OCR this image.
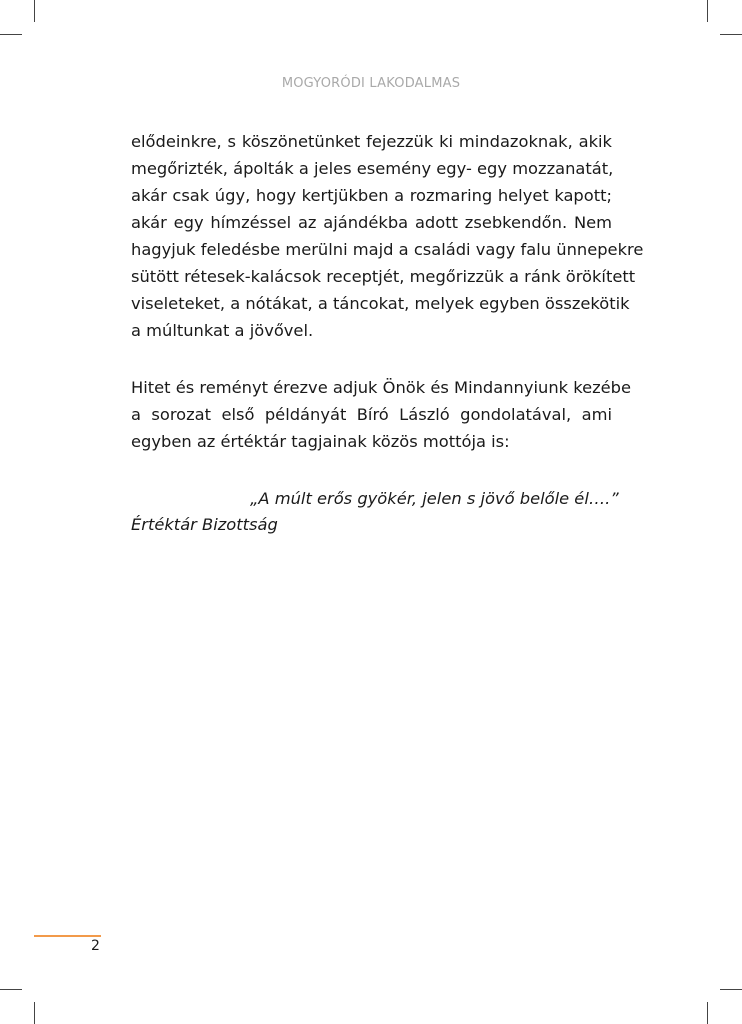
MOGYORÓDI LAKODALMAS
elődeinkre, s köszönetünket fejezzük ki mindazoknak, akik
megőrizték, ápolták a jeles esemény egy- egy mozzanatát,
akár csak úgy, hogy kertjükben a rozmaring helyet kapott;
akár egy hímzéssel az ajándékba adott zsebkendőn. Nem
hagyjuk feledésbe merülni majd a családi vagy falu ünnepekre
sütött rétesek-kalácsok receptjét, megőrizzük a ránk örökített
viseleteket, a nótákat, a táncokat, melyek egyben összekötik
a múltunkat a jövővel.
Hitet és reményt érezve adjuk Önök és Mindannyiunk kezébe
a sorozat első példányát Bíró László gondolatával, ami
egyben az értéktár tagjainak közös mottója is:
„A múlt erős gyökér, jelen s jövő belőle él….”
Értéktár Bizottság
2
